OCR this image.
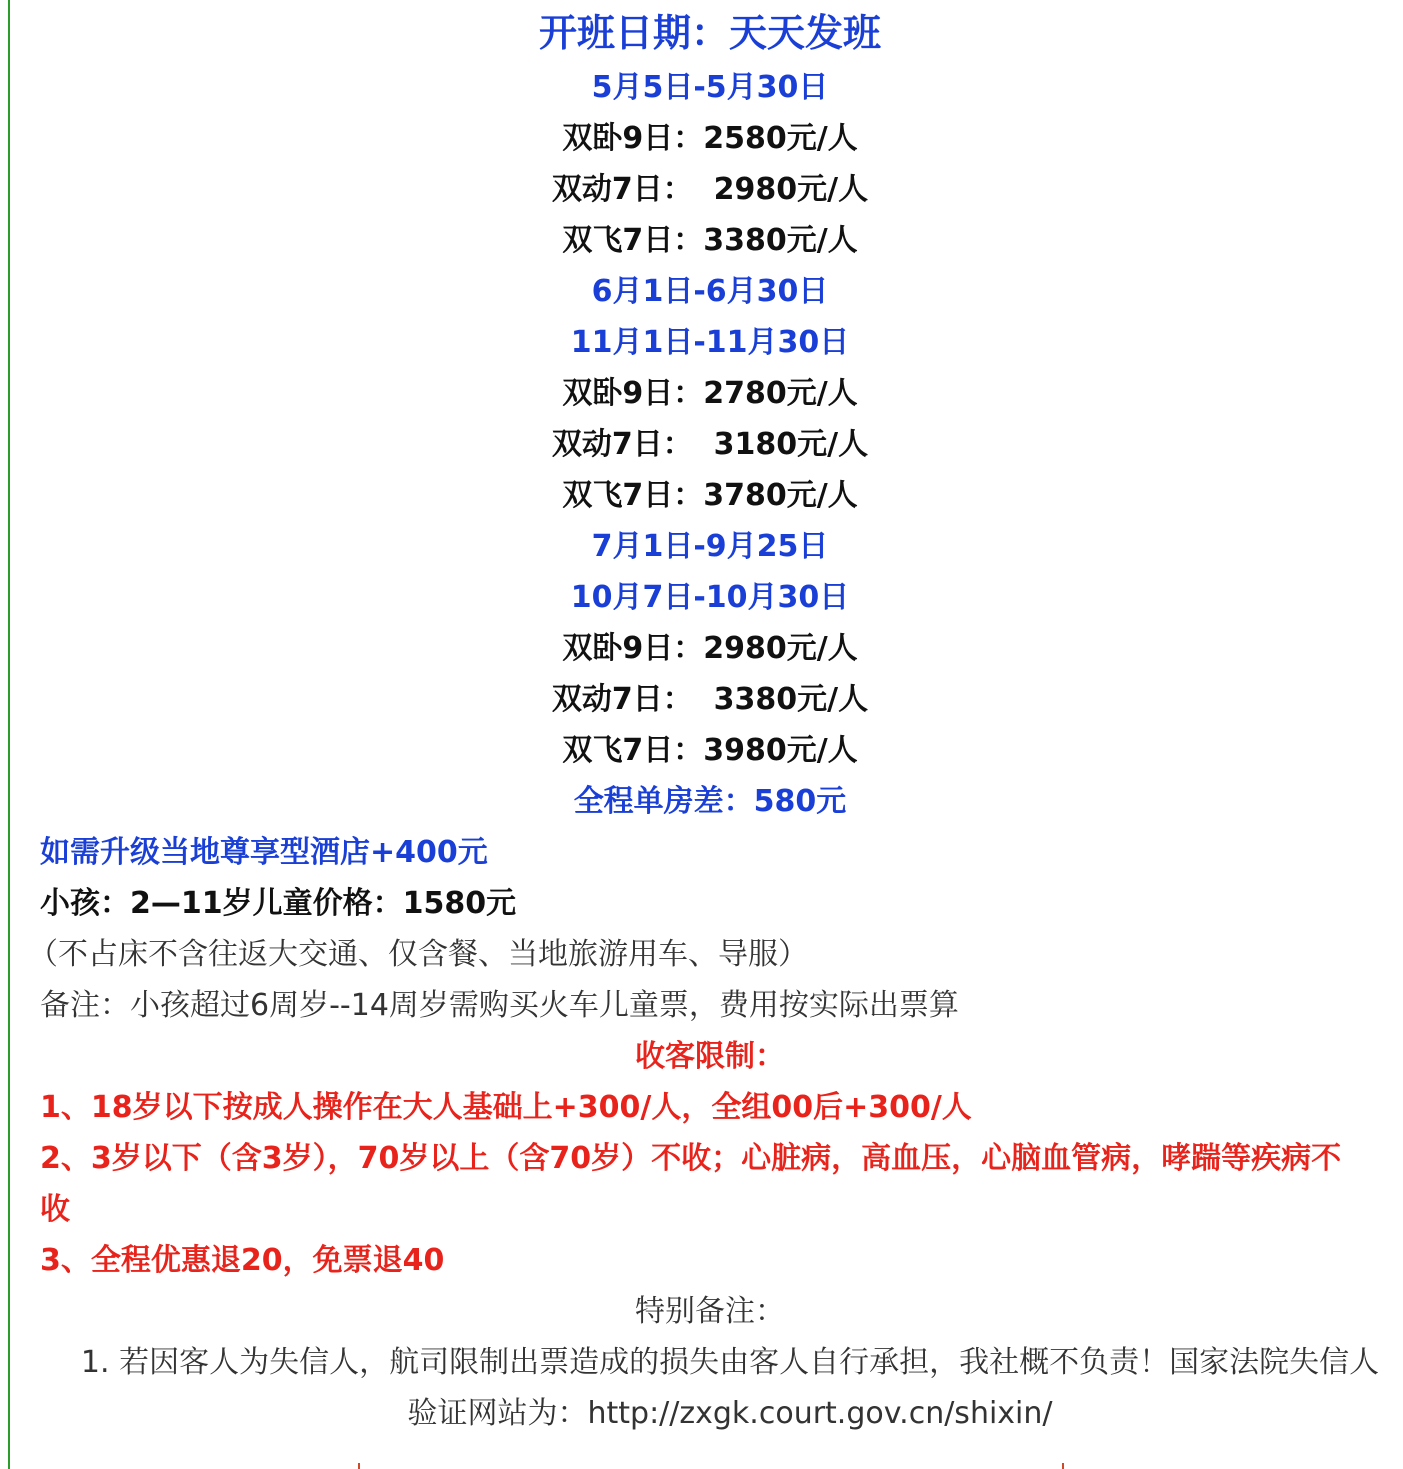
开班日期：天天发班
5月5日-5月30日
双卧9日：2580元/人
双动7日：  2980元/人
双飞7日：3380元/人
6月1日-6月30日
11月1日-11月30日
双卧9日：2780元/人
双动7日：  3180元/人
双飞7日：3780元/人
7月1日-9月25日
10月7日-10月30日
双卧9日：2980元/人
双动7日：  3380元/人
双飞7日：3980元/人
全程单房差：580元
如需升级当地尊享型酒店+400元
小孩：2—11岁儿童价格：1580元
（不占床不含往返大交通、仅含餐、当地旅游用车、导服）
备注：小孩超过6周岁--14周岁需购买火车儿童票，费用按实际出票算
收客限制：
1、18岁以下按成人操作在大人基础上+300/人，全组00后+300/人
2、3岁以下（含3岁），70岁以上（含70岁）不收；心脏病，高血压，心脑血管病，哮踹等疾病不收
3、全程优惠退20，免票退40
特别备注：
1. 若因客人为失信人，航司限制出票造成的损失由客人自行承担，我社概不负责！国家法院失信人验证网站为：http://zxgk.court.gov.cn/shixin/
